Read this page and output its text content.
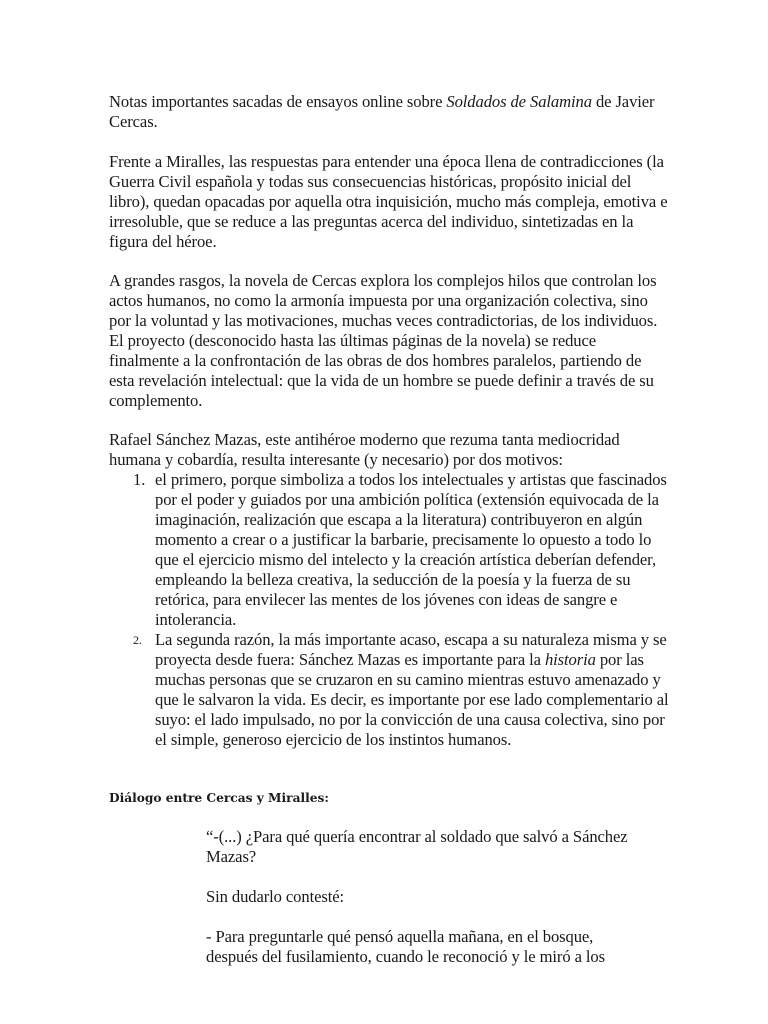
Notas importantes sacadas de ensayos online sobre Soldados de Salamina de Javier Cercas.

Frente a Miralles, las respuestas para entender una época llena de contradicciones (la Guerra Civil española y todas sus consecuencias históricas, propósito inicial del libro), quedan opacadas por aquella otra inquisición, mucho más compleja, emotiva e irresoluble, que se reduce a las preguntas acerca del individuo, sintetizadas en la figura del héroe.

A grandes rasgos, la novela de Cercas explora los complejos hilos que controlan los actos humanos, no como la armonía impuesta por una organización colectiva, sino por la voluntad y las motivaciones, muchas veces contradictorias, de los individuos. El proyecto (desconocido hasta las últimas páginas de la novela) se reduce finalmente a la confrontación de las obras de dos hombres paralelos, partiendo de esta revelación intelectual: que la vida de un hombre se puede definir a través de su complemento.

Rafael Sánchez Mazas, este antihéroe moderno que rezuma tanta mediocridad humana y cobardía, resulta interesante (y necesario) por dos motivos:

1. el primero, porque simboliza a todos los intelectuales y artistas que fascinados por el poder y guiados por una ambición política (extensión equivocada de la imaginación, realización que escapa a la literatura) contribuyeron en algún momento a crear o a justificar la barbarie, precisamente lo opuesto a todo lo que el ejercicio mismo del intelecto y la creación artística deberían defender, empleando la belleza creativa, la seducción de la poesía y la fuerza de su retórica, para envilecer las mentes de los jóvenes con ideas de sangre e intolerancia.
2. La segunda razón, la más importante acaso, escapa a su naturaleza misma y se proyecta desde fuera: Sánchez Mazas es importante para la historia por las muchas personas que se cruzaron en su camino mientras estuvo amenazado y que le salvaron la vida. Es decir, es importante por ese lado complementario al suyo: el lado impulsado, no por la convicción de una causa colectiva, sino por el simple, generoso ejercicio de los instintos humanos.

Diálogo entre Cercas y Miralles:

“-(...) ¿Para qué quería encontrar al soldado que salvó a Sánchez Mazas?

Sin dudarlo contesté:

- Para preguntarle qué pensó aquella mañana, en el bosque, después del fusilamiento, cuando le reconoció y le miró a los
